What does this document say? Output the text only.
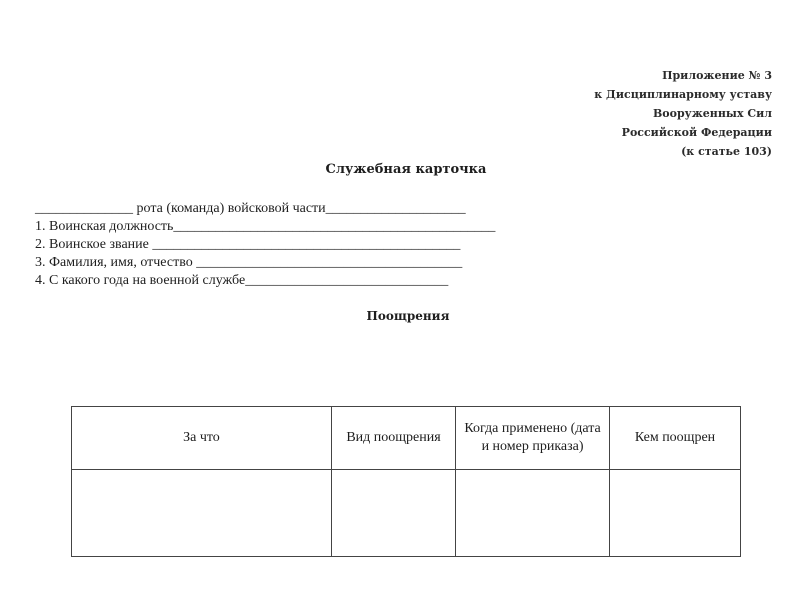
Приложение № 3
к Дисциплинарному уставу
Вооруженных Сил
Российской Федерации
(к статье 103)
Служебная карточка
______________ рота (команда) войсковой части____________________
1. Воинская должность______________________________________________
2. Воинское звание ____________________________________________
3. Фамилия, имя, отчество ______________________________________
4. С какого года на военной службе_____________________________
Поощрения
За что	Вид поощрения	Когда применено (дата и номер приказа)	Кем поощрен
